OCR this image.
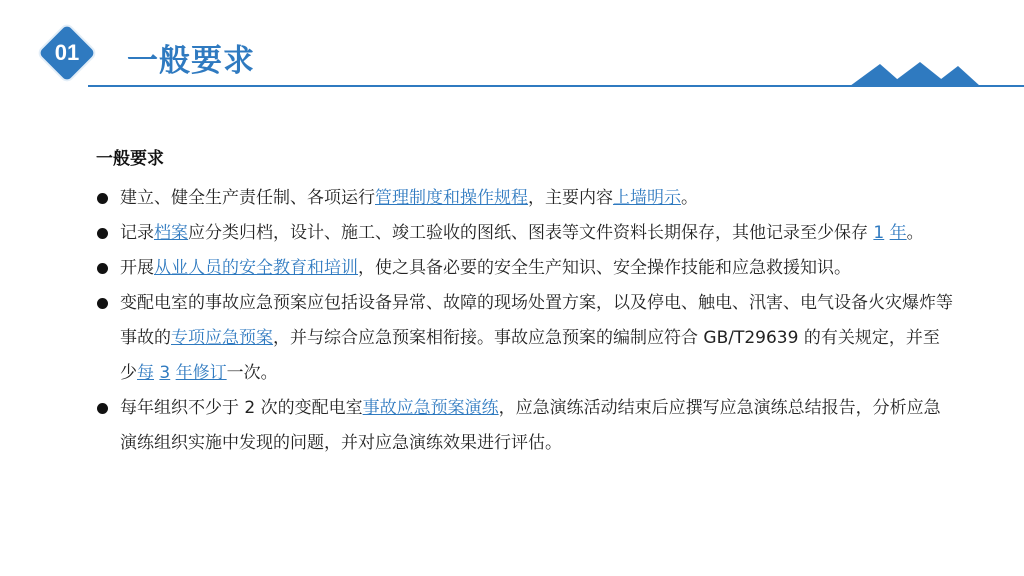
01	一般要求
一般要求
建立、健全生产责任制、各项运行管理制度和操作规程，主要内容上墙明示。
记录档案应分类归档，设计、施工、竣工验收的图纸、图表等文件资料长期保存，其他记录至少保存 1 年。
开展从业人员的安全教育和培训，使之具备必要的安全生产知识、安全操作技能和应急救援知识。
变配电室的事故应急预案应包括设备异常、故障的现场处置方案，以及停电、触电、汛害、电气设备火灾爆炸等事故的专项应急预案，并与综合应急预案相衔接。事故应急预案的编制应符合 GB/T29639 的有关规定，并至少每 3 年修订一次。
每年组织不少于 2 次的变配电室事故应急预案演练，应急演练活动结束后应撰写应急演练总结报告，分析应急演练组织实施中发现的问题，并对应急演练效果进行评估。
